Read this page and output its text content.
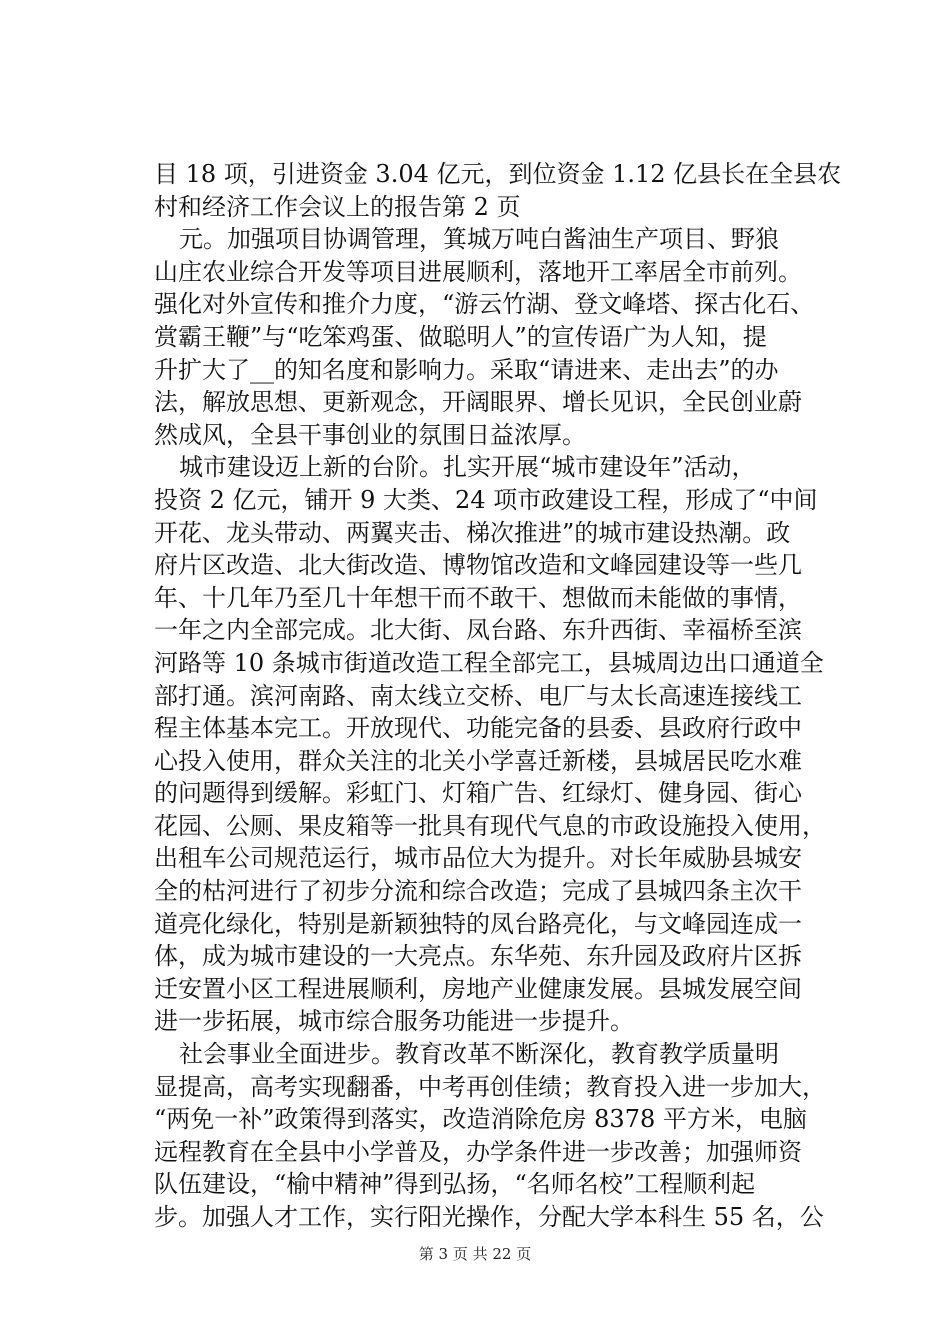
目 18 项，引进资金 3.04 亿元，到位资金 1.12 亿县长在全县农
村和经济工作会议上的报告第 2 页
元。加强项目协调管理，箕城万吨白酱油生产项目、野狼
山庄农业综合开发等项目进展顺利，落地开工率居全市前列。
强化对外宣传和推介力度，“游云竹湖、登文峰塔、探古化石、
赏霸王鞭”与“吃笨鸡蛋、做聪明人”的宣传语广为人知，提
升扩大了__的知名度和影响力。采取“请进来、走出去”的办
法，解放思想、更新观念，开阔眼界、增长见识，全民创业蔚
然成风，全县干事创业的氛围日益浓厚。
城市建设迈上新的台阶。扎实开展“城市建设年”活动，
投资 2 亿元，铺开 9 大类、24 项市政建设工程，形成了“中间
开花、龙头带动、两翼夹击、梯次推进”的城市建设热潮。政
府片区改造、北大街改造、博物馆改造和文峰园建设等一些几
年、十几年乃至几十年想干而不敢干、想做而未能做的事情，
一年之内全部完成。北大街、凤台路、东升西街、幸福桥至滨
河路等 10 条城市街道改造工程全部完工，县城周边出口通道全
部打通。滨河南路、南太线立交桥、电厂与太长高速连接线工
程主体基本完工。开放现代、功能完备的县委、县政府行政中
心投入使用，群众关注的北关小学喜迁新楼，县城居民吃水难
的问题得到缓解。彩虹门、灯箱广告、红绿灯、健身园、街心
花园、公厕、果皮箱等一批具有现代气息的市政设施投入使用，
出租车公司规范运行，城市品位大为提升。对长年威胁县城安
全的枯河进行了初步分流和综合改造；完成了县城四条主次干
道亮化绿化，特别是新颖独特的凤台路亮化，与文峰园连成一
体，成为城市建设的一大亮点。东华苑、东升园及政府片区拆
迁安置小区工程进展顺利，房地产业健康发展。县城发展空间
进一步拓展，城市综合服务功能进一步提升。
社会事业全面进步。教育改革不断深化，教育教学质量明
显提高，高考实现翻番，中考再创佳绩；教育投入进一步加大，
“两免一补”政策得到落实，改造消除危房 8378 平方米，电脑
远程教育在全县中小学普及，办学条件进一步改善；加强师资
队伍建设，“榆中精神”得到弘扬，“名师名校”工程顺利起
步。加强人才工作，实行阳光操作，分配大学本科生 55 名，公
第 3 页 共 22 页
